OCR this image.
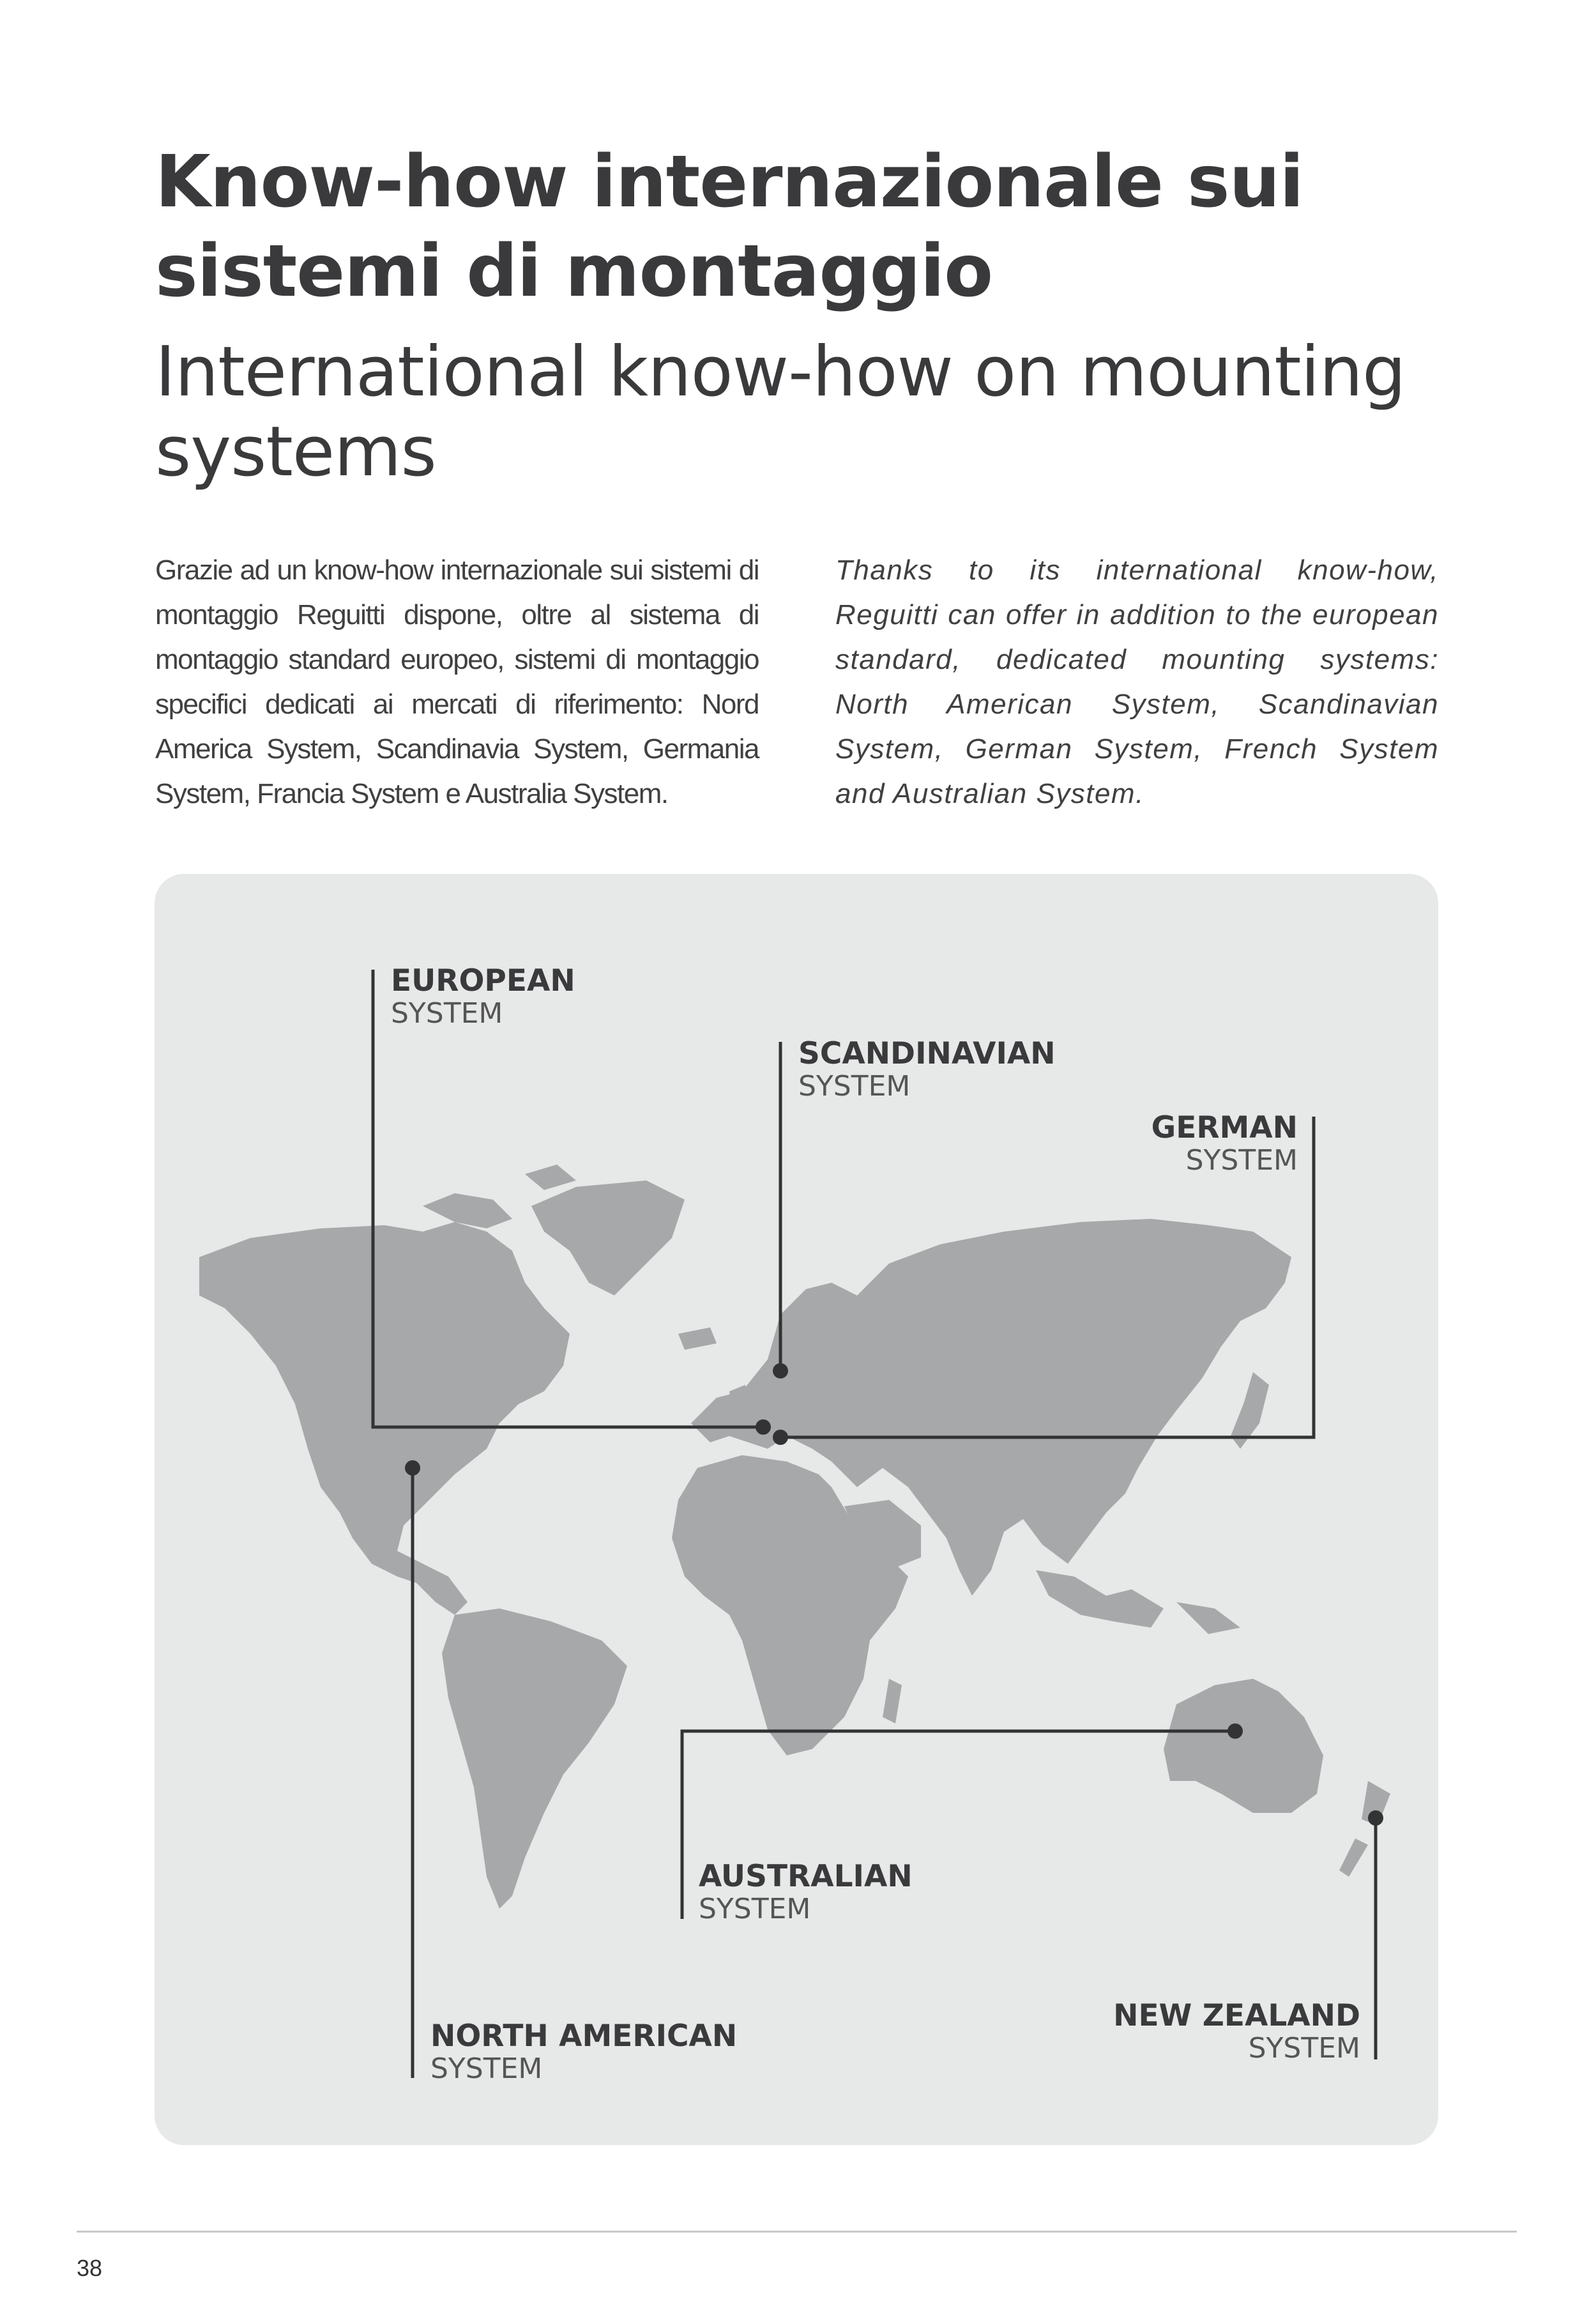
Know-how internazionale sui sistemi di montaggio
International know-how on mounting systems

Grazie ad un know-how internazionale sui sistemi di montaggio Reguitti dispone, oltre al sistema di montaggio standard europeo, sistemi di montaggio specifici dedicati ai mercati di riferimento: Nord America System, Scandinavia System, Germania System, Francia System e Australia System.

Thanks to its international know-how, Reguitti can offer in addition to the european standard, dedicated mounting systems: North American System, Scandinavian System, German System, French System and Australian System.

EUROPEAN
SYSTEM
SCANDINAVIAN
SYSTEM
GERMAN
SYSTEM
AUSTRALIAN
SYSTEM
NORTH AMERICAN
SYSTEM
NEW ZEALAND
SYSTEM
38
